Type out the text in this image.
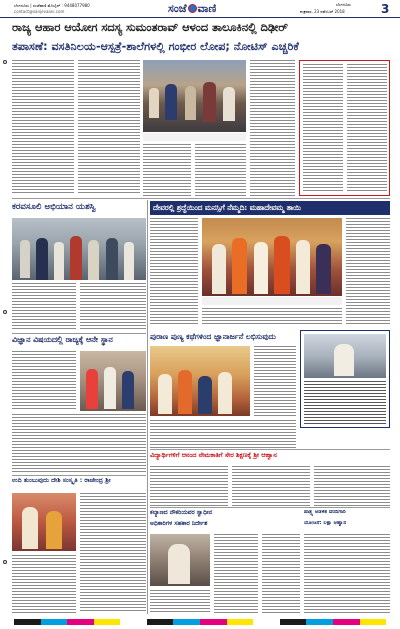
ಬೆಂಗಳೂರು | ಸಂಜೆವಾಣಿ ಮೊಬೈಲ್ : 9448077980
contact@sanjevaani.com	ಸಂಜೆ ವಾಣಿ	ಬೆಂಗಳೂರು
ಶುಕ್ರವಾರ, 23 ನವೆಂಬರ್ 2018	3
ರಾಜ್ಯ ಆಹಾರ ಆಯೋಗ ಸದಸ್ಯ ಸುಮಂತರಾವ್ ಆಳಂದ ತಾಲೂಕಿನಲ್ಲಿ ದಿಢೀರ್
ತಪಾಸಣೆ: ವಸತಿನಿಲಯ-ಆಸ್ಪತ್ರೆ-ಶಾಲೆಗಳಲ್ಲಿ ಗಂಭೀರ ಲೋಪ; ನೋಟಿಸ್ ಎಚ್ಚರಿಕೆ
ಕರವಸೂಲಿ ಅಭಿಯಾನ ಯಶಸ್ವಿ	ದೇವರಲ್ಲಿ ಶ್ರದ್ಧೆಯಿಂದ ಮನಸ್ಸಿಗೆ ನೆಮ್ಮದಿ: ಮಹಾದೇವಮ್ಮ ತಾಯಿ
ವಿಜ್ಞಾನ ವಿಷಯದಲ್ಲಿ ರಾಜ್ಯಕ್ಕೆ ಆನೇ ಸ್ಥಾನ	ಪುರಾಣ ಪುಣ್ಯ ಕಥೆಗಳಿಂದ ಜ್ಞಾನಾರ್ಜನೆ ಲಭಿಸುವುದು
ವಿದ್ಯಾರ್ಥಿಗಳಿಗೆ ಆನಂದ ನೇಮಕಾತಿಗೆ ಸೇರ ಶಿಕ್ಷಣಕ್ಕೆ ಶ್ರೀ ಆಹ್ವಾನ
ಉದಿ ತುಂಬುವುದು ದೇಶಿ ಸಂಸ್ಕೃತಿ : ರಾಜೇಂದ್ರ ಶ್ರೀ
ಕಲ್ಯಾಣದ ನೌಕರಿಯವರ ಸ್ವಾಧೀನ
ಅಧಿಕಾರಿಗಳ ಸಹಕಾರ ನಿರ್ದೇಶ
ಪಾತ್ರ್ಯ ಆಡಳಿತ ವರದಿಗಾರಿ
ಯೋಜನೆ: ಲಕ್ಷಾ ಆಹ್ವಾನ
